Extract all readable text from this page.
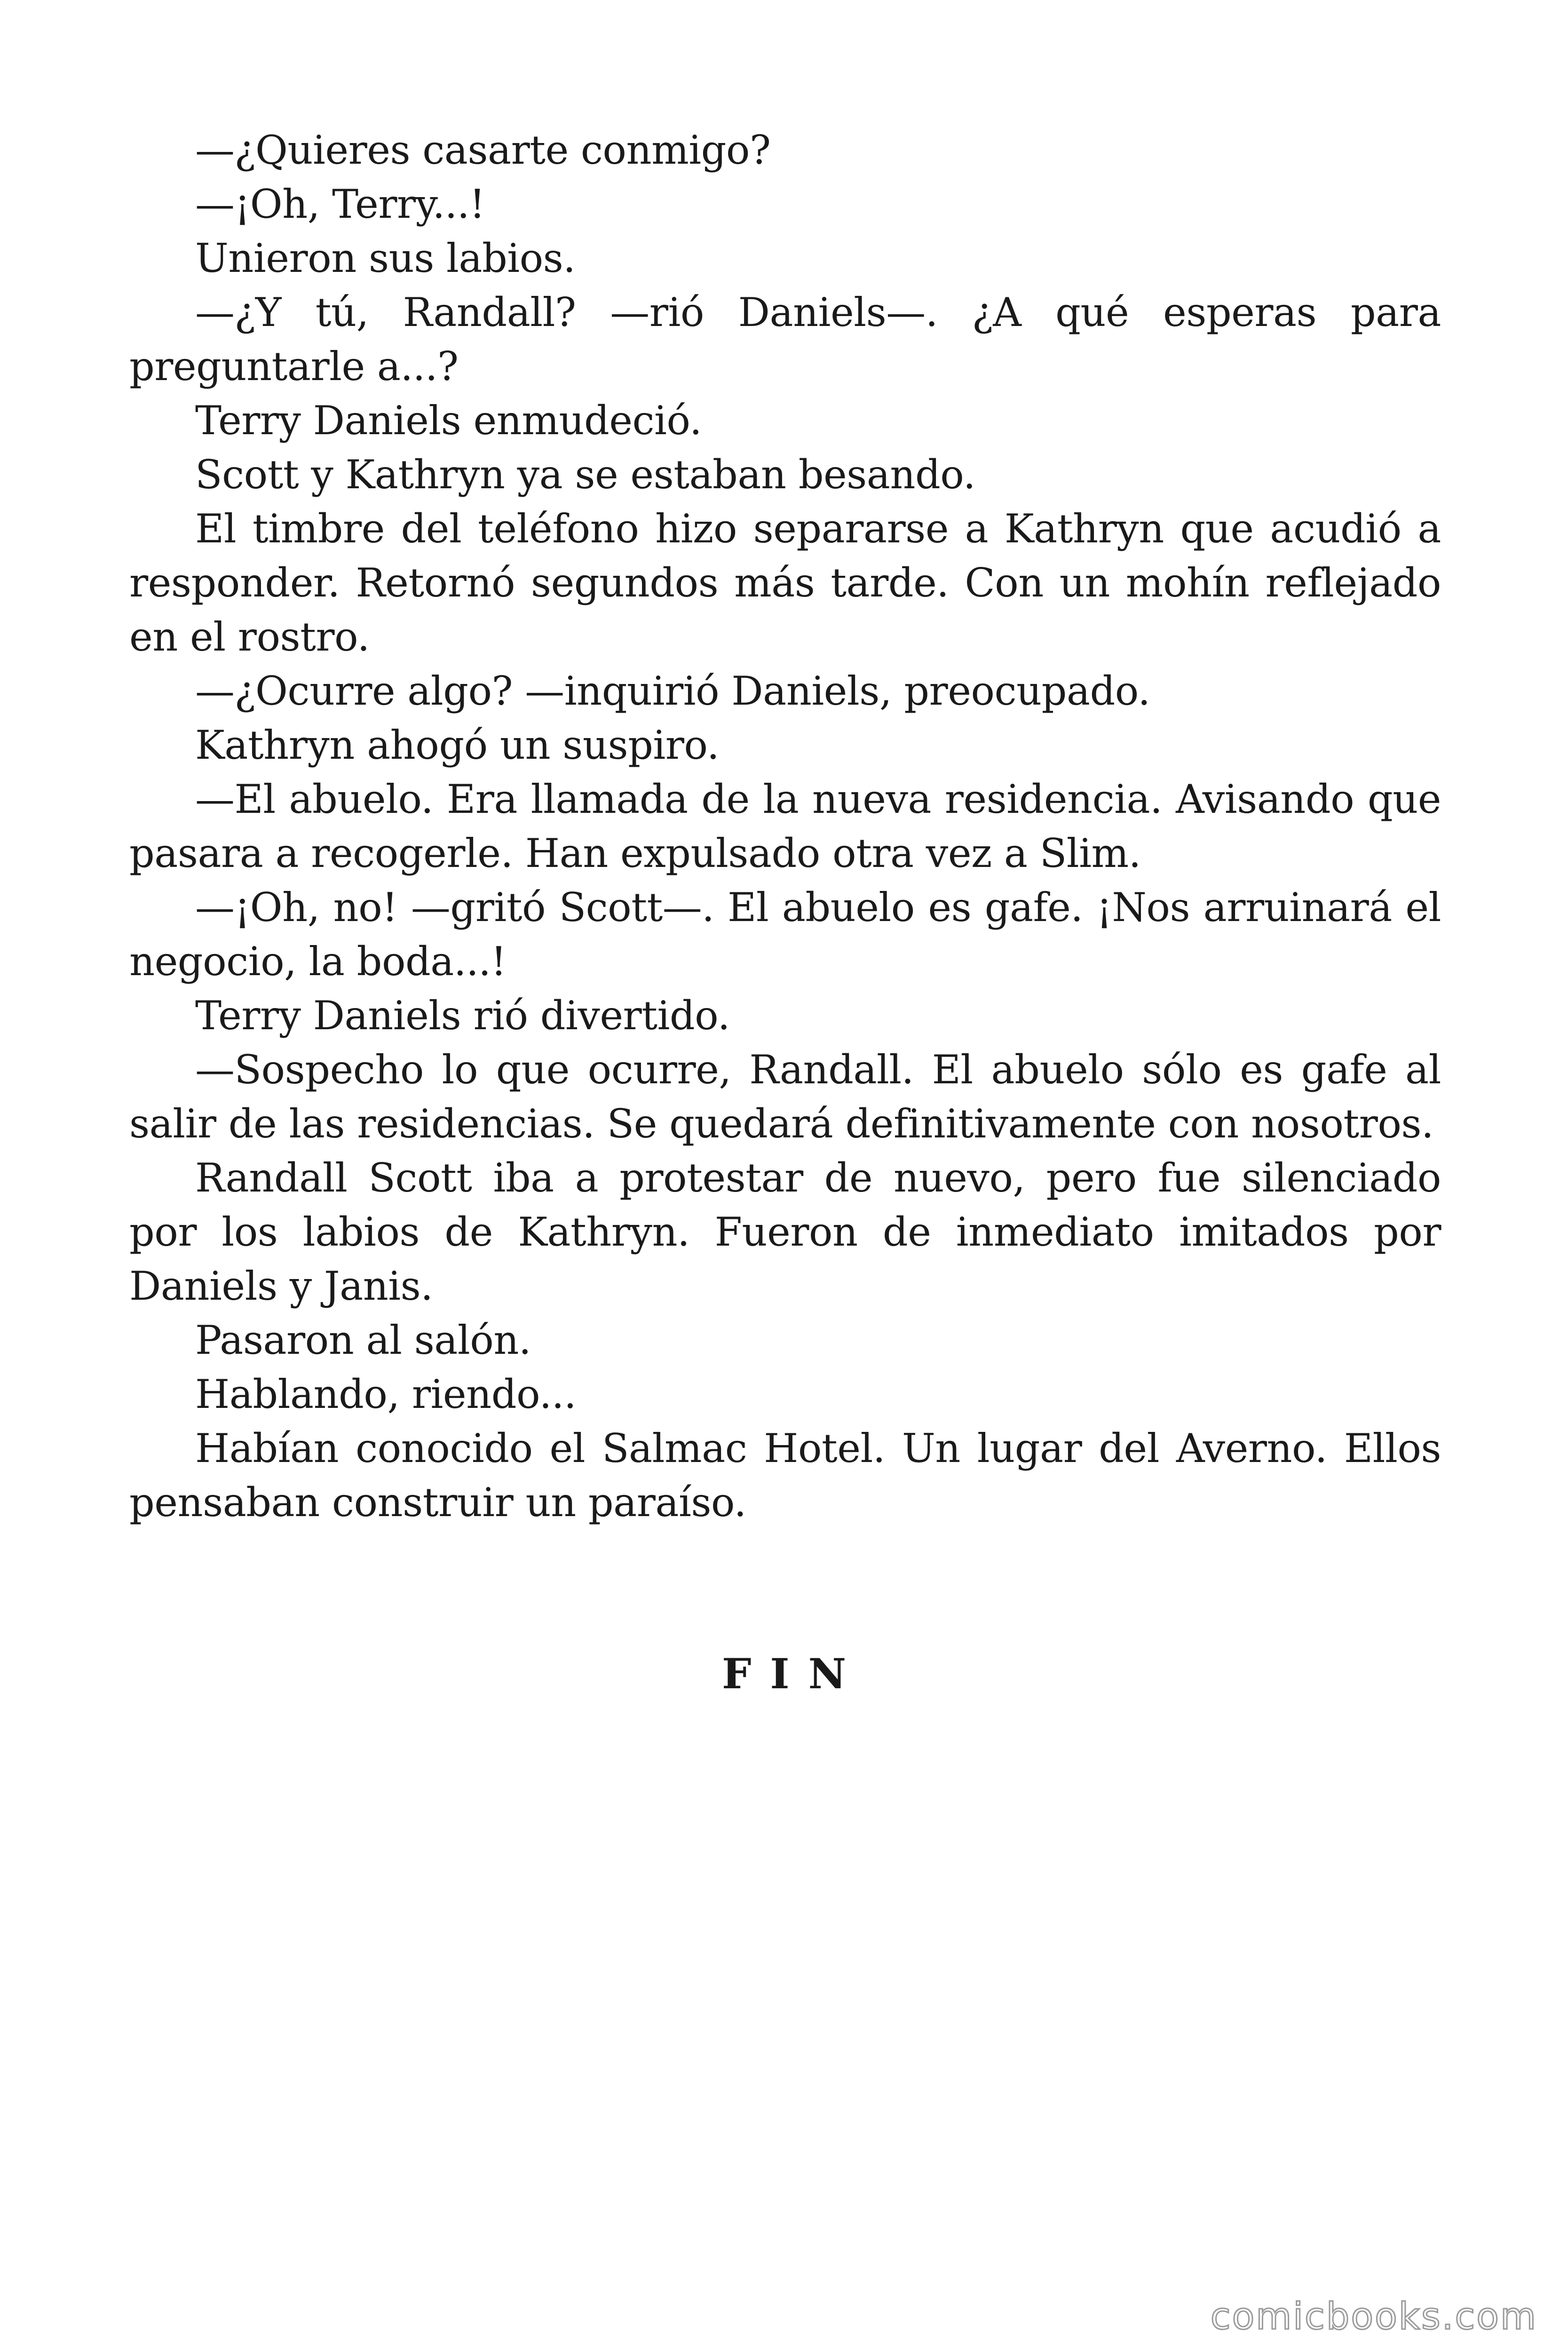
—¿Quieres casarte conmigo?

—¡Oh, Terry...!

Unieron sus labios.

—¿Y tú, Randall? —rió Daniels—. ¿A qué esperas para preguntarle a...?

Terry Daniels enmudeció.

Scott y Kathryn ya se estaban besando.

El timbre del teléfono hizo separarse a Kathryn que acudió a responder. Retornó segundos más tarde. Con un mohín reflejado en el rostro.

—¿Ocurre algo? —inquirió Daniels, preocupado.

Kathryn ahogó un suspiro.

—El abuelo. Era llamada de la nueva residencia. Avisando que pasara a recogerle. Han expulsado otra vez a Slim.

—¡Oh, no! —gritó Scott—. El abuelo es gafe. ¡Nos arruinará el negocio, la boda...!

Terry Daniels rió divertido.

—Sospecho lo que ocurre, Randall. El abuelo sólo es gafe al salir de las residencias. Se quedará definitivamente con nosotros.

Randall Scott iba a protestar de nuevo, pero fue silenciado por los labios de Kathryn. Fueron de inmediato imitados por Daniels y Janis.

Pasaron al salón.

Hablando, riendo...

Habían conocido el Salmac Hotel. Un lugar del Averno. Ellos pensaban construir un paraíso.

FIN
comicbooks.com
